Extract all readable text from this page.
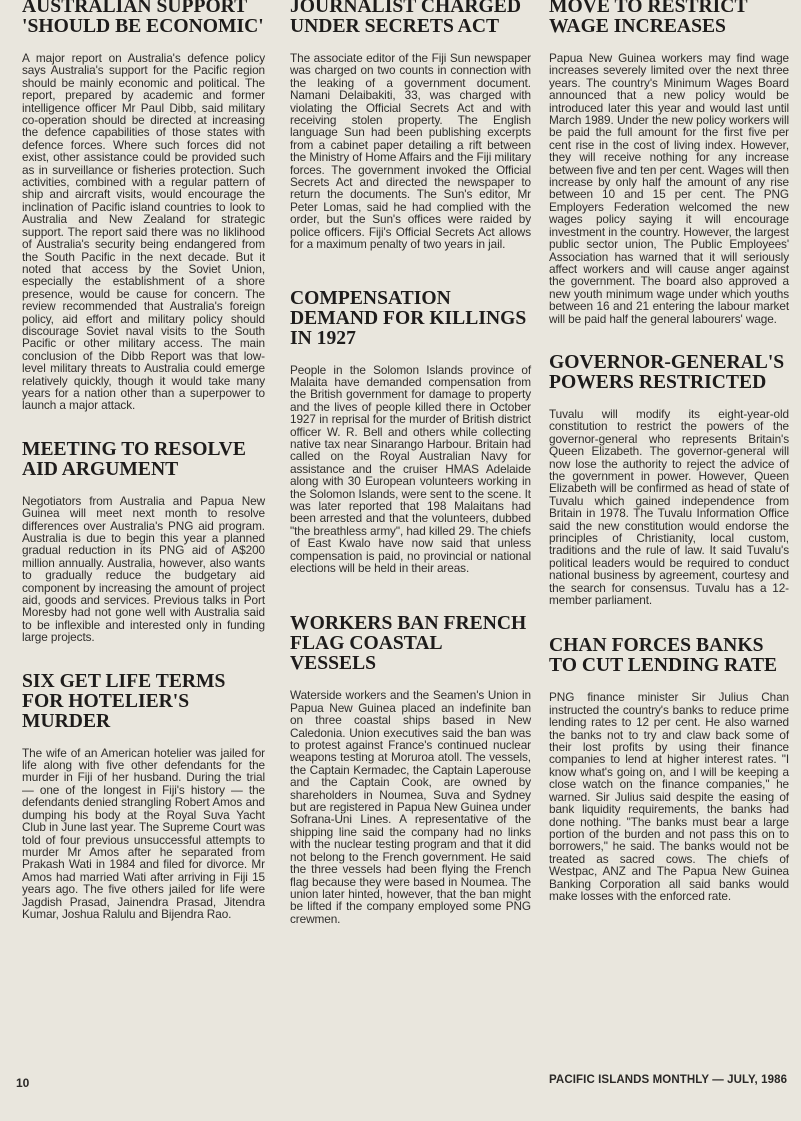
AUSTRALIAN SUPPORT 'SHOULD BE ECONOMIC'

A major report on Australia's defence policy says Australia's support for the Pacific region should be mainly economic and political. The report, prepared by academic and former intelligence officer Mr Paul Dibb, said military co-operation should be directed at increasing the defence capabilities of those states with defence forces. Where such forces did not exist, other assistance could be provided such as in surveillance or fisheries protection. Such activities, combined with a regular pattern of ship and aircraft visits, would encourage the inclination of Pacific island countries to look to Australia and New Zealand for strategic support. The report said there was no liklihood of Australia's security being endangered from the South Pacific in the next decade. But it noted that access by the Soviet Union, especially the establishment of a shore presence, would be cause for concern. The review recommended that Australia's foreign policy, aid effort and military policy should discourage Soviet naval visits to the South Pacific or other military access. The main conclusion of the Dibb Report was that low-level military threats to Australia could emerge relatively quickly, though it would take many years for a nation other than a superpower to launch a major attack.

MEETING TO RESOLVE AID ARGUMENT

Negotiators from Australia and Papua New Guinea will meet next month to resolve differences over Australia's PNG aid program. Australia is due to begin this year a planned gradual reduction in its PNG aid of A$200 million annually. Australia, however, also wants to gradually reduce the budgetary aid component by increasing the amount of project aid, goods and services. Previous talks in Port Moresby had not gone well with Australia said to be inflexible and interested only in funding large projects.

SIX GET LIFE TERMS FOR HOTELIER'S MURDER

The wife of an American hotelier was jailed for life along with five other defendants for the murder in Fiji of her husband. During the trial — one of the longest in Fiji's history — the defendants denied strangling Robert Amos and dumping his body at the Royal Suva Yacht Club in June last year. The Supreme Court was told of four previous unsuccessful attempts to murder Mr Amos after he separated from Prakash Wati in 1984 and filed for divorce. Mr Amos had married Wati after arriving in Fiji 15 years ago. The five others jailed for life were Jagdish Prasad, Jainendra Prasad, Jitendra Kumar, Joshua Ralulu and Bijendra Rao.

JOURNALIST CHARGED UNDER SECRETS ACT

The associate editor of the Fiji Sun newspaper was charged on two counts in connection with the leaking of a government document. Namani Delaibakiti, 33, was charged with violating the Official Secrets Act and with receiving stolen property. The English language Sun had been publishing excerpts from a cabinet paper detailing a rift between the Ministry of Home Affairs and the Fiji military forces. The government invoked the Official Secrets Act and directed the newspaper to return the documents. The Sun's editor, Mr Peter Lomas, said he had complied with the order, but the Sun's offices were raided by police officers. Fiji's Official Secrets Act allows for a maximum penalty of two years in jail.

COMPENSATION DEMAND FOR KILLINGS IN 1927

People in the Solomon Islands province of Malaita have demanded compensation from the British government for damage to property and the lives of people killed there in October 1927 in reprisal for the murder of British district officer W. R. Bell and others while collecting native tax near Sinarango Harbour. Britain had called on the Royal Australian Navy for assistance and the cruiser HMAS Adelaide along with 30 European volunteers working in the Solomon Islands, were sent to the scene. It was later reported that 198 Malaitans had been arrested and that the volunteers, dubbed "the breathless army", had killed 29. The chiefs of East Kwalo have now said that unless compensation is paid, no provincial or national elections will be held in their areas.

WORKERS BAN FRENCH FLAG COASTAL VESSELS

Waterside workers and the Seamen's Union in Papua New Guinea placed an indefinite ban on three coastal ships based in New Caledonia. Union executives said the ban was to protest against France's continued nuclear weapons testing at Moruroa atoll. The vessels, the Captain Kermadec, the Captain Laperouse and the Captain Cook, are owned by shareholders in Noumea, Suva and Sydney but are registered in Papua New Guinea under Sofrana-Uni Lines. A representative of the shipping line said the company had no links with the nuclear testing program and that it did not belong to the French government. He said the three vessels had been flying the French flag because they were based in Noumea. The union later hinted, however, that the ban might be lifted if the company employed some PNG crewmen.

MOVE TO RESTRICT WAGE INCREASES

Papua New Guinea workers may find wage increases severely limited over the next three years. The country's Minimum Wages Board announced that a new policy would be introduced later this year and would last until March 1989. Under the new policy workers will be paid the full amount for the first five per cent rise in the cost of living index. However, they will receive nothing for any increase between five and ten per cent. Wages will then increase by only half the amount of any rise between 10 and 15 per cent. The PNG Employers Federation welcomed the new wages policy saying it will encourage investment in the country. However, the largest public sector union, The Public Employees' Association has warned that it will seriously affect workers and will cause anger against the government. The board also approved a new youth minimum wage under which youths between 16 and 21 entering the labour market will be paid half the general labourers' wage.

GOVERNOR-GENERAL'S POWERS RESTRICTED

Tuvalu will modify its eight-year-old constitution to restrict the powers of the governor-general who represents Britain's Queen Elizabeth. The governor-general will now lose the authority to reject the advice of the government in power. However, Queen Elizabeth will be confirmed as head of state of Tuvalu which gained independence from Britain in 1978. The Tuvalu Information Office said the new constitution would endorse the principles of Christianity, local custom, traditions and the rule of law. It said Tuvalu's political leaders would be required to conduct national business by agreement, courtesy and the search for consensus. Tuvalu has a 12-member parliament.

CHAN FORCES BANKS TO CUT LENDING RATE

PNG finance minister Sir Julius Chan instructed the country's banks to reduce prime lending rates to 12 per cent. He also warned the banks not to try and claw back some of their lost profits by using their finance companies to lend at higher interest rates. "I know what's going on, and I will be keeping a close watch on the finance companies," he warned. Sir Julius said despite the easing of bank liquidity requirements, the banks had done nothing. "The banks must bear a large portion of the burden and not pass this on to borrowers," he said. The banks would not be treated as sacred cows. The chiefs of Westpac, ANZ and The Papua New Guinea Banking Corporation all said banks would make losses with the enforced rate.

10	PACIFIC ISLANDS MONTHLY — JULY, 1986
